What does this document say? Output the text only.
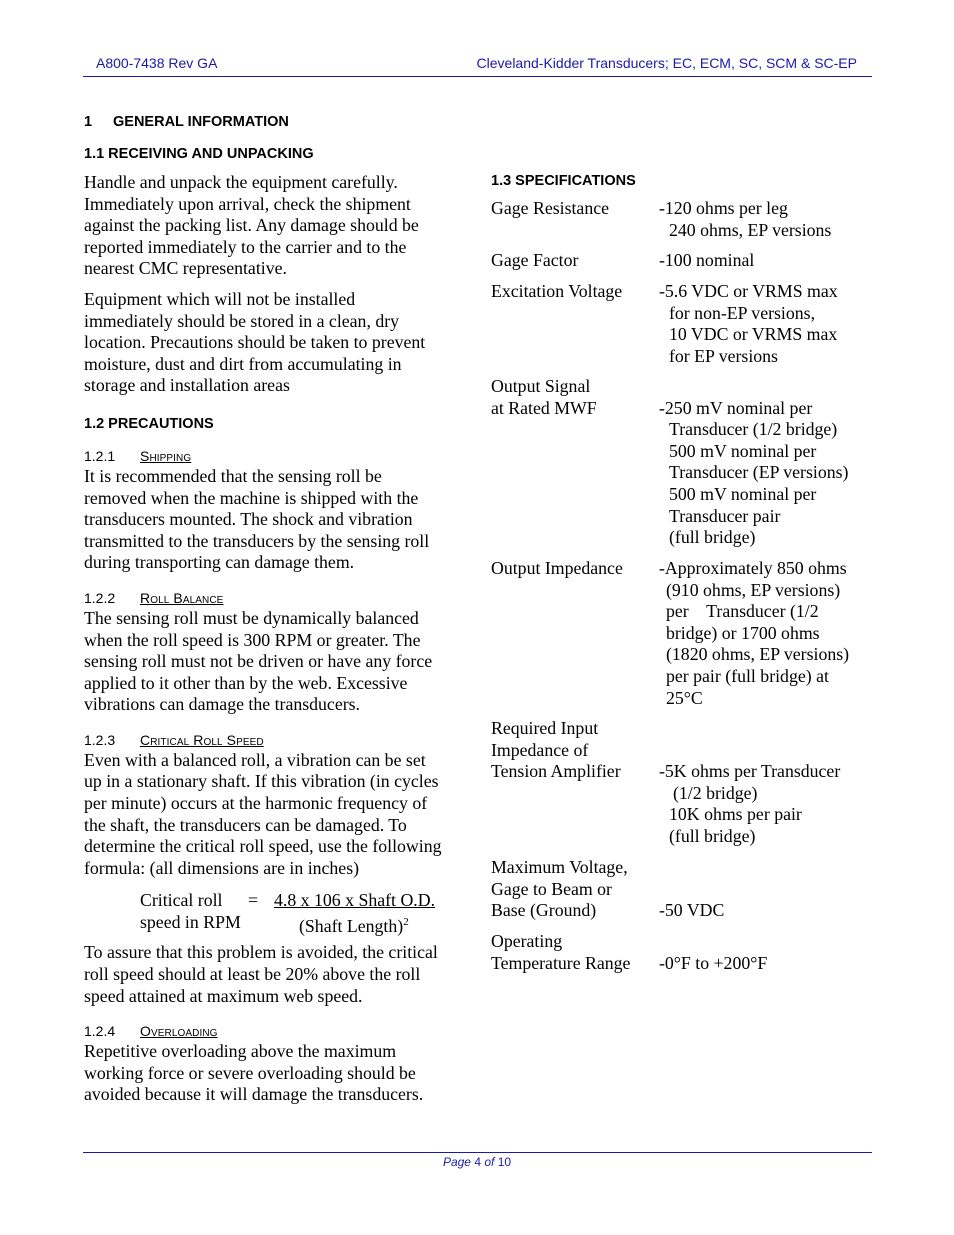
A800-7438 Rev GA	Cleveland-Kidder Transducers; EC, ECM, SC, SCM & SC-EP
1 GENERAL INFORMATION
1.1 RECEIVING AND UNPACKING
Handle and unpack the equipment carefully.
Immediately upon arrival, check the shipment
against the packing list. Any damage should be
reported immediately to the carrier and to the
nearest CMC representative.
Equipment which will not be installed
immediately should be stored in a clean, dry
location. Precautions should be taken to prevent
moisture, dust and dirt from accumulating in
storage and installation areas
1.2 PRECAUTIONS
1.2.1 Shipping
It is recommended that the sensing roll be
removed when the machine is shipped with the
transducers mounted. The shock and vibration
transmitted to the transducers by the sensing roll
during transporting can damage them.
1.2.2 Roll Balance
The sensing roll must be dynamically balanced
when the roll speed is 300 RPM or greater. The
sensing roll must not be driven or have any force
applied to it other than by the web. Excessive
vibrations can damage the transducers.
1.2.3 Critical Roll Speed
Even with a balanced roll, a vibration can be set
up in a stationary shaft. If this vibration (in cycles
per minute) occurs at the harmonic frequency of
the shaft, the transducers can be damaged. To
determine the critical roll speed, use the following
formula: (all dimensions are in inches)
Critical roll
speed in RPM
= 4.8 x 106 x Shaft O.D.
(Shaft Length)$^2$
To assure that this problem is avoided, the critical
roll speed should at least be 20% above the roll
speed attained at maximum web speed.
1.2.4 Overloading
Repetitive overloading above the maximum
working force or severe overloading should be
avoided because it will damage the transducers.
1.3 SPECIFICATIONS
Gage Resistance	-120 ohms per leg
240 ohms, EP versions
Gage Factor	-100 nominal
Excitation Voltage	-5.6 VDC or VRMS max
for non-EP versions,
10 VDC or VRMS max
for EP versions
Output Signal
at Rated MWF	-250 mV nominal per
Transducer (1/2 bridge)
500 mV nominal per
Transducer (EP versions)
500 mV nominal per
Transducer pair
(full bridge)
Output Impedance	-Approximately 850 ohms
(910 ohms, EP versions)
per    Transducer (1/2
bridge) or 1700 ohms
(1820 ohms, EP versions)
per pair (full bridge) at
25°C
Required Input
Impedance of
Tension Amplifier	-5K ohms per Transducer
(1/2 bridge)
10K ohms per pair
(full bridge)
Maximum Voltage,
Gage to Beam or
Base (Ground)	-50 VDC
Operating
Temperature Range	-0°F to +200°F
Page 4 of 10
